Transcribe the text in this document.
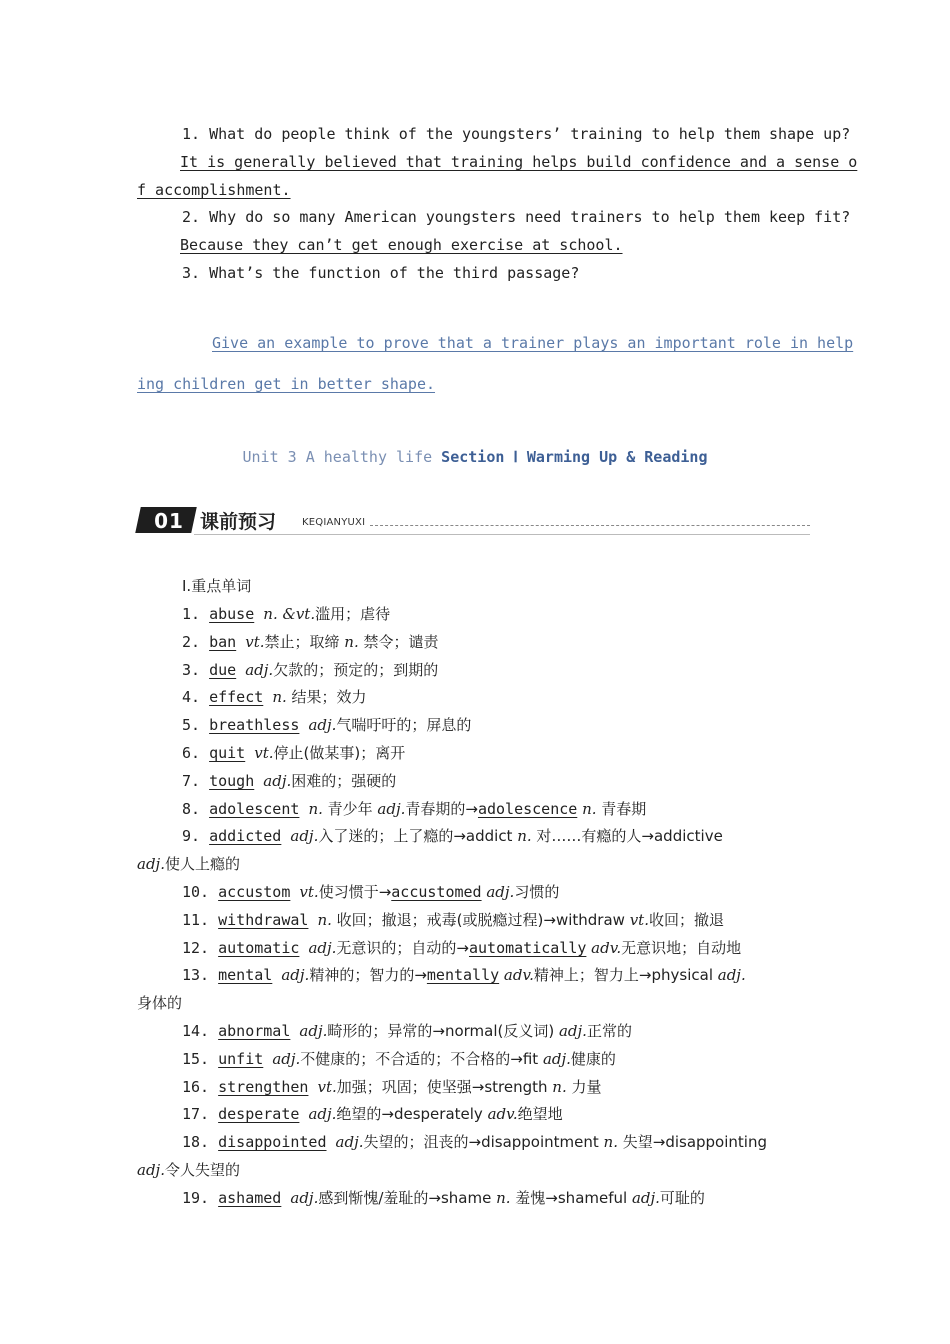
1. What do people think of the youngsters’ training to help them shape up?
It is generally believed that training helps build confidence and a sense o
f accomplishment.
2. Why do so many American youngsters need trainers to help them keep fit?
Because they can’t get enough exercise at school.
3. What’s the function of the third passage?
Give an example to prove that a trainer plays an important role in help
ing children get in better shape.
Unit 3 A healthy life Section Ⅰ Warming Up & Reading
01 课前预习	KEQIANYUXI
Ⅰ.重点单词
1. abuse n. &vt.滥用；虐待
2. ban vt.禁止；取缔 n. 禁令；谴责
3. due adj.欠款的；预定的；到期的
4. effect n. 结果；效力
5. breathless adj.气喘吁吁的；屏息的
6. quit vt.停止(做某事)；离开
7. tough adj.困难的；强硬的
8. adolescent n. 青少年 adj.青春期的→adolescence n. 青春期
9. addicted adj.入了迷的；上了瘾的→addict n. 对……有瘾的人→addictive
adj.使人上瘾的
10. accustom vt.使习惯于→accustomed adj.习惯的
11. withdrawal n. 收回；撤退；戒毒(或脱瘾过程)→withdraw vt.收回；撤退
12. automatic adj.无意识的；自动的→automatically adv.无意识地；自动地
13. mental adj.精神的；智力的→mentally adv.精神上；智力上→physical adj.
身体的
14. abnormal adj.畸形的；异常的→normal(反义词) adj.正常的
15. unfit adj.不健康的；不合适的；不合格的→fit adj.健康的
16. strengthen vt.加强；巩固；使坚强→strength n. 力量
17. desperate adj.绝望的→desperately adv.绝望地
18. disappointed adj.失望的；沮丧的→disappointment n. 失望→disappointing
adj.令人失望的
19. ashamed adj.感到惭愧/羞耻的→shame n. 羞愧→shameful adj.可耻的
